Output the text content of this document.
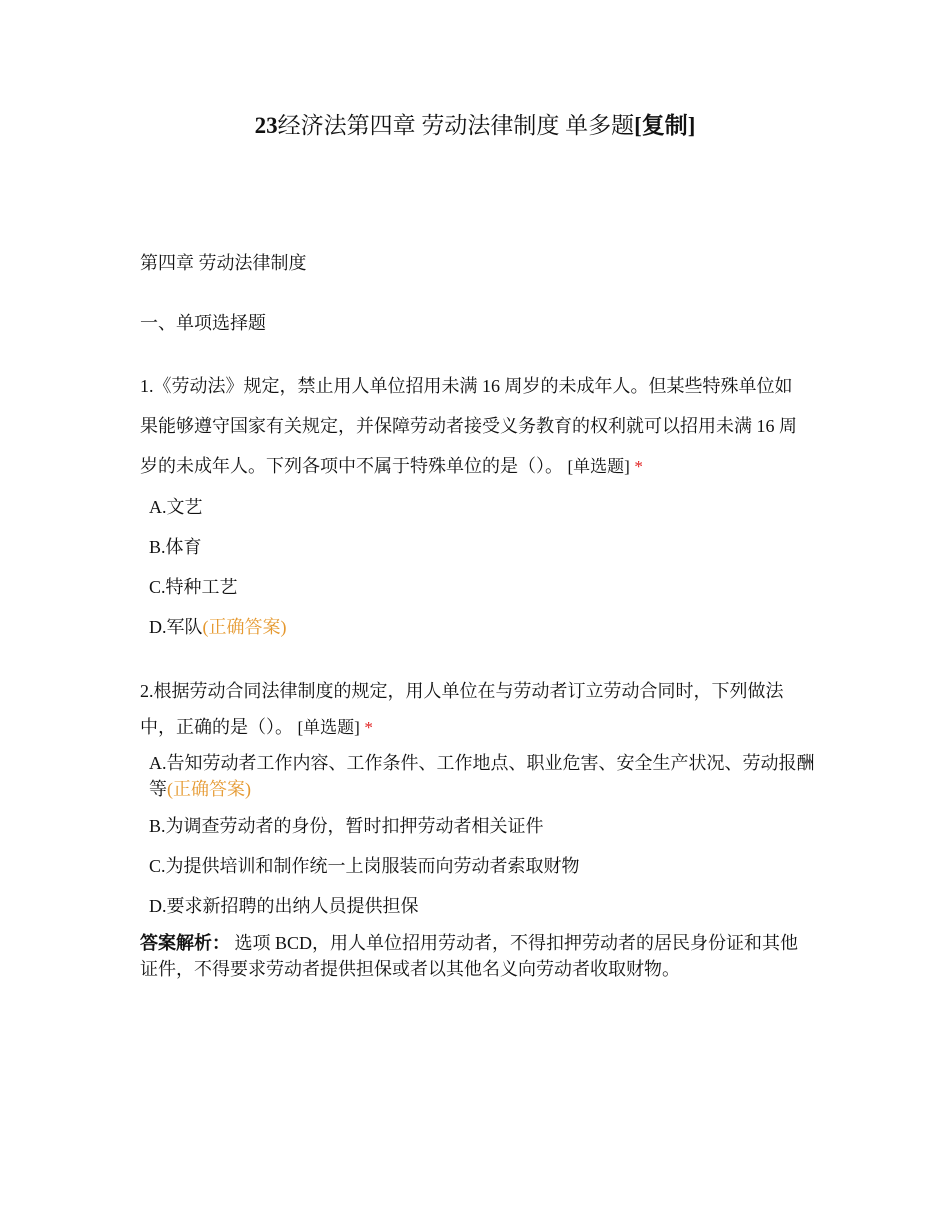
23经济法第四章 劳动法律制度 单多题[复制]

第四章 劳动法律制度

一、单项选择题

1.《劳动法》规定，禁止用人单位招用未满 16 周岁的未成年人。但某些特殊单位如果能够遵守国家有关规定，并保障劳动者接受义务教育的权利就可以招用未满 16 周岁的未成年人。下列各项中不属于特殊单位的是（）。 [单选题] *

A.文艺
B.体育
C.特种工艺
D.军队(正确答案)

2.根据劳动合同法律制度的规定，用人单位在与劳动者订立劳动合同时，下列做法中，正确的是（）。 [单选题] *

A.告知劳动者工作内容、工作条件、工作地点、职业危害、安全生产状况、劳动报酬等(正确答案)
B.为调查劳动者的身份，暂时扣押劳动者相关证件
C.为提供培训和制作统一上岗服装而向劳动者索取财物
D.要求新招聘的出纳人员提供担保

答案解析： 选项 BCD，用人单位招用劳动者，不得扣押劳动者的居民身份证和其他证件，不得要求劳动者提供担保或者以其他名义向劳动者收取财物。
